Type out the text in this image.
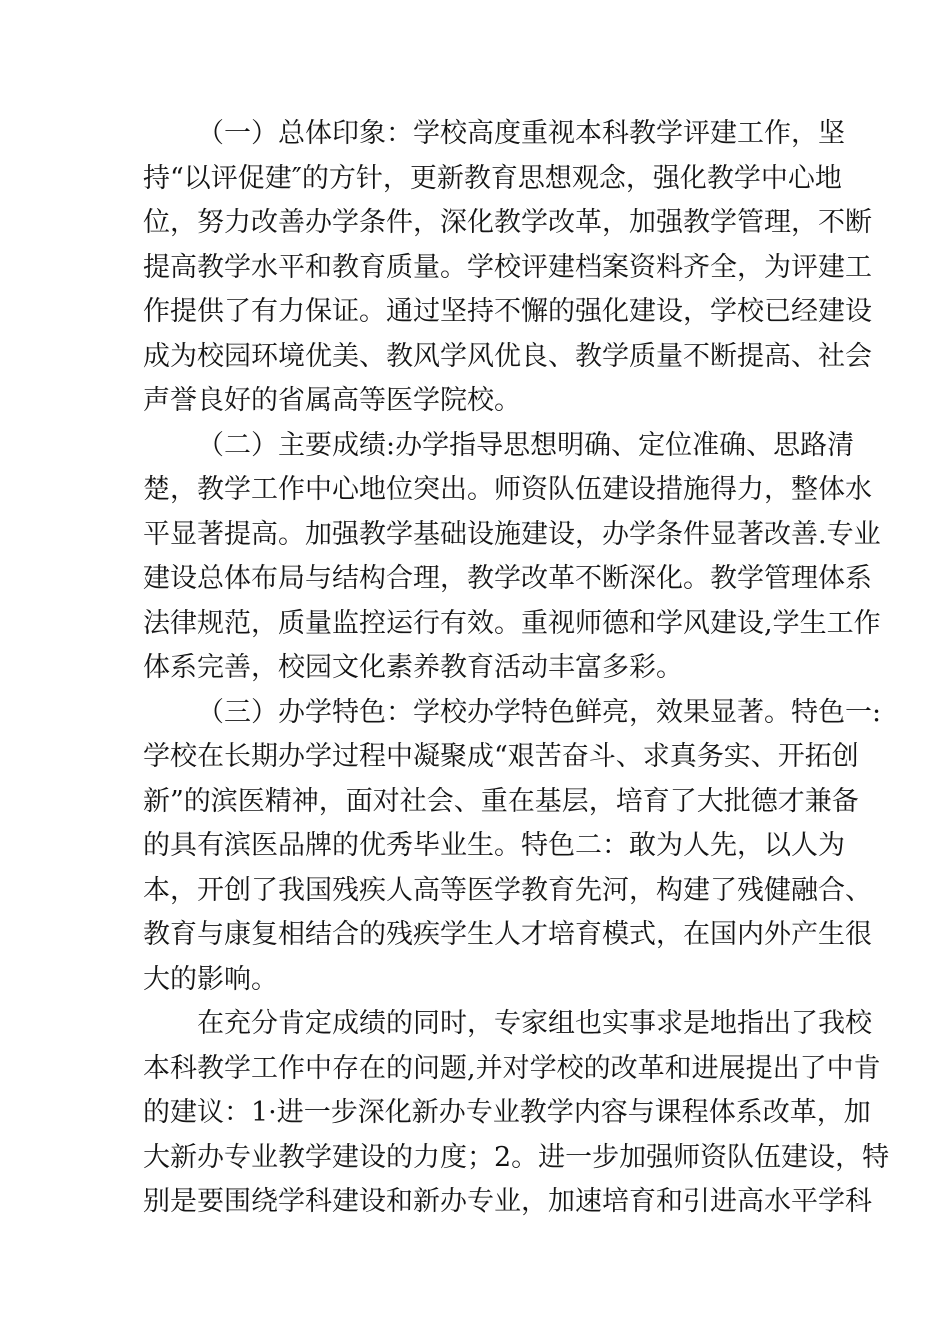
（一）总体印象：学校高度重视本科教学评建工作，坚
持“以评促建″的方针，更新教育思想观念，强化教学中心地
位，努力改善办学条件，深化教学改革，加强教学管理，不断
提高教学水平和教育质量。学校评建档案资料齐全，为评建工
作提供了有力保证。通过坚持不懈的强化建设，学校已经建设
成为校园环境优美、教风学风优良、教学质量不断提高、社会
声誉良好的省属高等医学院校。
（二）主要成绩:办学指导思想明确、定位准确、思路清
楚，教学工作中心地位突出。师资队伍建设措施得力，整体水
平显著提高。加强教学基础设施建设，办学条件显著改善.专业
建设总体布局与结构合理，教学改革不断深化。教学管理体系
法律规范，质量监控运行有效。重视师德和学风建设,学生工作
体系完善，校园文化素养教育活动丰富多彩。
（三）办学特色：学校办学特色鲜亮，效果显著。特色一:
学校在长期办学过程中凝聚成“艰苦奋斗、求真务实、开拓创
新”的滨医精神，面对社会、重在基层，培育了大批德才兼备
的具有滨医品牌的优秀毕业生。特色二：敢为人先，以人为
本，开创了我国残疾人高等医学教育先河，构建了残健融合、
教育与康复相结合的残疾学生人才培育模式，在国内外产生很
大的影响。
在充分肯定成绩的同时，专家组也实事求是地指出了我校
本科教学工作中存在的问题,并对学校的改革和进展提出了中肯
的建议：1·进一步深化新办专业教学内容与课程体系改革，加
大新办专业教学建设的力度；2。进一步加强师资队伍建设，特
别是要围绕学科建设和新办专业，加速培育和引进高水平学科
